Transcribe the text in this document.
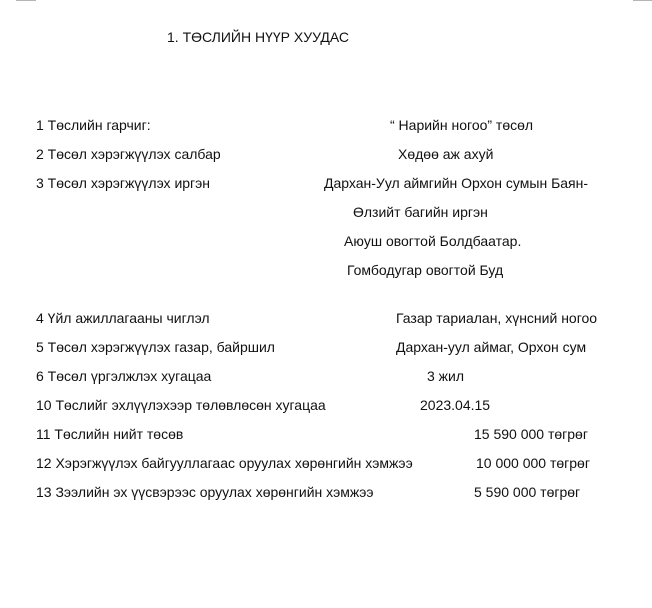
1. ТӨСЛИЙН НҮҮР ХУУДАС
1 Төслийн гарчиг:	“ Нарийн ногоо” төсөл
2 Төсөл хэрэгжүүлэх салбар	Хөдөө аж ахуй
3 Төсөл хэрэгжүүлэх иргэн	Дархан-Уул аймгийн Орхон сумын Баян-
Өлзийт багийн иргэн
Аюуш овогтой Болдбаатар.
Гомбодугар овогтой Буд
4 Үйл ажиллагааны чиглэл	Газар тариалан, хүнсний ногоо
5 Төсөл хэрэгжүүлэх газар, байршил	Дархан-уул аймаг, Орхон сум
6 Төсөл үргэлжлэх хугацаа	3 жил
10 Төслийг эхлүүлэхээр төлөвлөсөн хугацаа	2023.04.15
11 Төслийн нийт төсөв	15 590 000 төгрөг
12 Хэрэгжүүлэх байгууллагаас оруулах хөрөнгийн хэмжээ	10 000 000 төгрөг
13 Зээлийн эх үүсвэрээс оруулах хөрөнгийн хэмжээ	5 590 000 төгрөг
